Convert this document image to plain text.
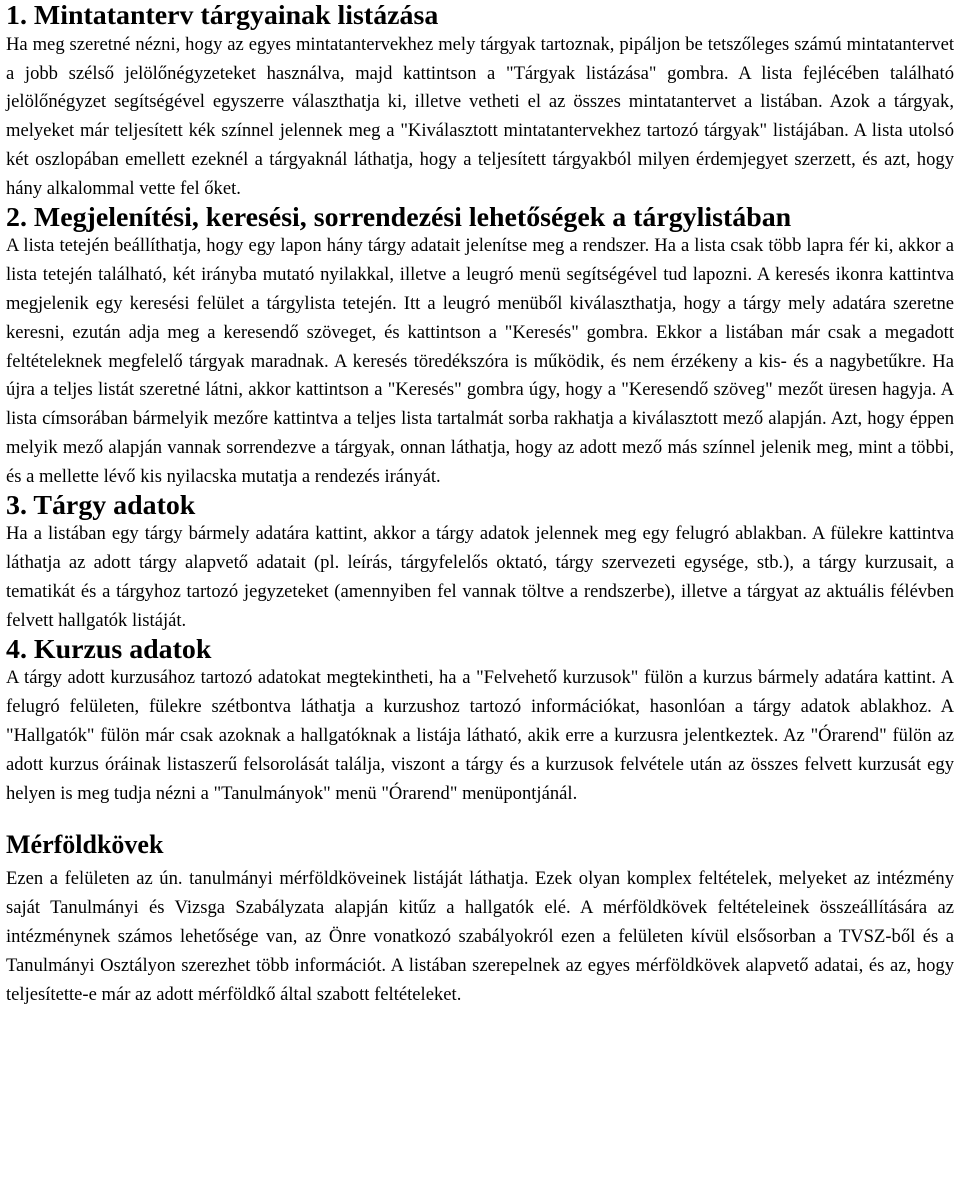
1. Mintatanterv tárgyainak listázása

Ha meg szeretné nézni, hogy az egyes mintatantervekhez mely tárgyak tartoznak, pipáljon be tetszőleges számú mintatantervet a jobb szélső jelölőnégyzeteket használva, majd kattintson a "Tárgyak listázása" gombra. A lista fejlécében található jelölőnégyzet segítségével egyszerre választhatja ki, illetve vetheti el az összes mintatantervet a listában. Azok a tárgyak, melyeket már teljesített kék színnel jelennek meg a "Kiválasztott mintatantervekhez tartozó tárgyak" listájában. A lista utolsó két oszlopában emellett ezeknél a tárgyaknál láthatja, hogy a teljesített tárgyakból milyen érdemjegyet szerzett, és azt, hogy hány alkalommal vette fel őket.

2. Megjelenítési, keresési, sorrendezési lehetőségek a tárgylistában

A lista tetején beállíthatja, hogy egy lapon hány tárgy adatait jelenítse meg a rendszer. Ha a lista csak több lapra fér ki, akkor a lista tetején található, két irányba mutató nyilakkal, illetve a leugró menü segítségével tud lapozni. A keresés ikonra kattintva megjelenik egy keresési felület a tárgylista tetején. Itt a leugró menüből kiválaszthatja, hogy a tárgy mely adatára szeretne keresni, ezután adja meg a keresendő szöveget, és kattintson a "Keresés" gombra. Ekkor a listában már csak a megadott feltételeknek megfelelő tárgyak maradnak. A keresés töredékszóra is működik, és nem érzékeny a kis- és a nagybetűkre. Ha újra a teljes listát szeretné látni, akkor kattintson a "Keresés" gombra úgy, hogy a "Keresendő szöveg" mezőt üresen hagyja. A lista címsorában bármelyik mezőre kattintva a teljes lista tartalmát sorba rakhatja a kiválasztott mező alapján. Azt, hogy éppen melyik mező alapján vannak sorrendezve a tárgyak, onnan láthatja, hogy az adott mező más színnel jelenik meg, mint a többi, és a mellette lévő kis nyilacska mutatja a rendezés irányát.

3. Tárgy adatok

Ha a listában egy tárgy bármely adatára kattint, akkor a tárgy adatok jelennek meg egy felugró ablakban. A fülekre kattintva láthatja az adott tárgy alapvető adatait (pl. leírás, tárgyfelelős oktató, tárgy szervezeti egysége, stb.), a tárgy kurzusait, a tematikát és a tárgyhoz tartozó jegyzeteket (amennyiben fel vannak töltve a rendszerbe), illetve a tárgyat az aktuális félévben felvett hallgatók listáját.

4. Kurzus adatok

A tárgy adott kurzusához tartozó adatokat megtekintheti, ha a "Felvehető kurzusok" fülön a kurzus bármely adatára kattint. A felugró felületen, fülekre szétbontva láthatja a kurzushoz tartozó információkat, hasonlóan a tárgy adatok ablakhoz. A "Hallgatók" fülön már csak azoknak a hallgatóknak a listája látható, akik erre a kurzusra jelentkeztek. Az "Órarend" fülön az adott kurzus óráinak listaszerű felsorolását találja, viszont a tárgy és a kurzusok felvétele után az összes felvett kurzusát egy helyen is meg tudja nézni a "Tanulmányok" menü "Órarend" menüpontjánál.

Mérföldkövek

Ezen a felületen az ún. tanulmányi mérföldköveinek listáját láthatja. Ezek olyan komplex feltételek, melyeket az intézmény saját Tanulmányi és Vizsga Szabályzata alapján kitűz a hallgatók elé. A mérföldkövek feltételeinek összeállítására az intézménynek számos lehetősége van, az Önre vonatkozó szabályokról ezen a felületen kívül elsősorban a TVSZ-ből és a Tanulmányi Osztályon szerezhet több információt. A listában szerepelnek az egyes mérföldkövek alapvető adatai, és az, hogy teljesítette-e már az adott mérföldkő által szabott feltételeket.
